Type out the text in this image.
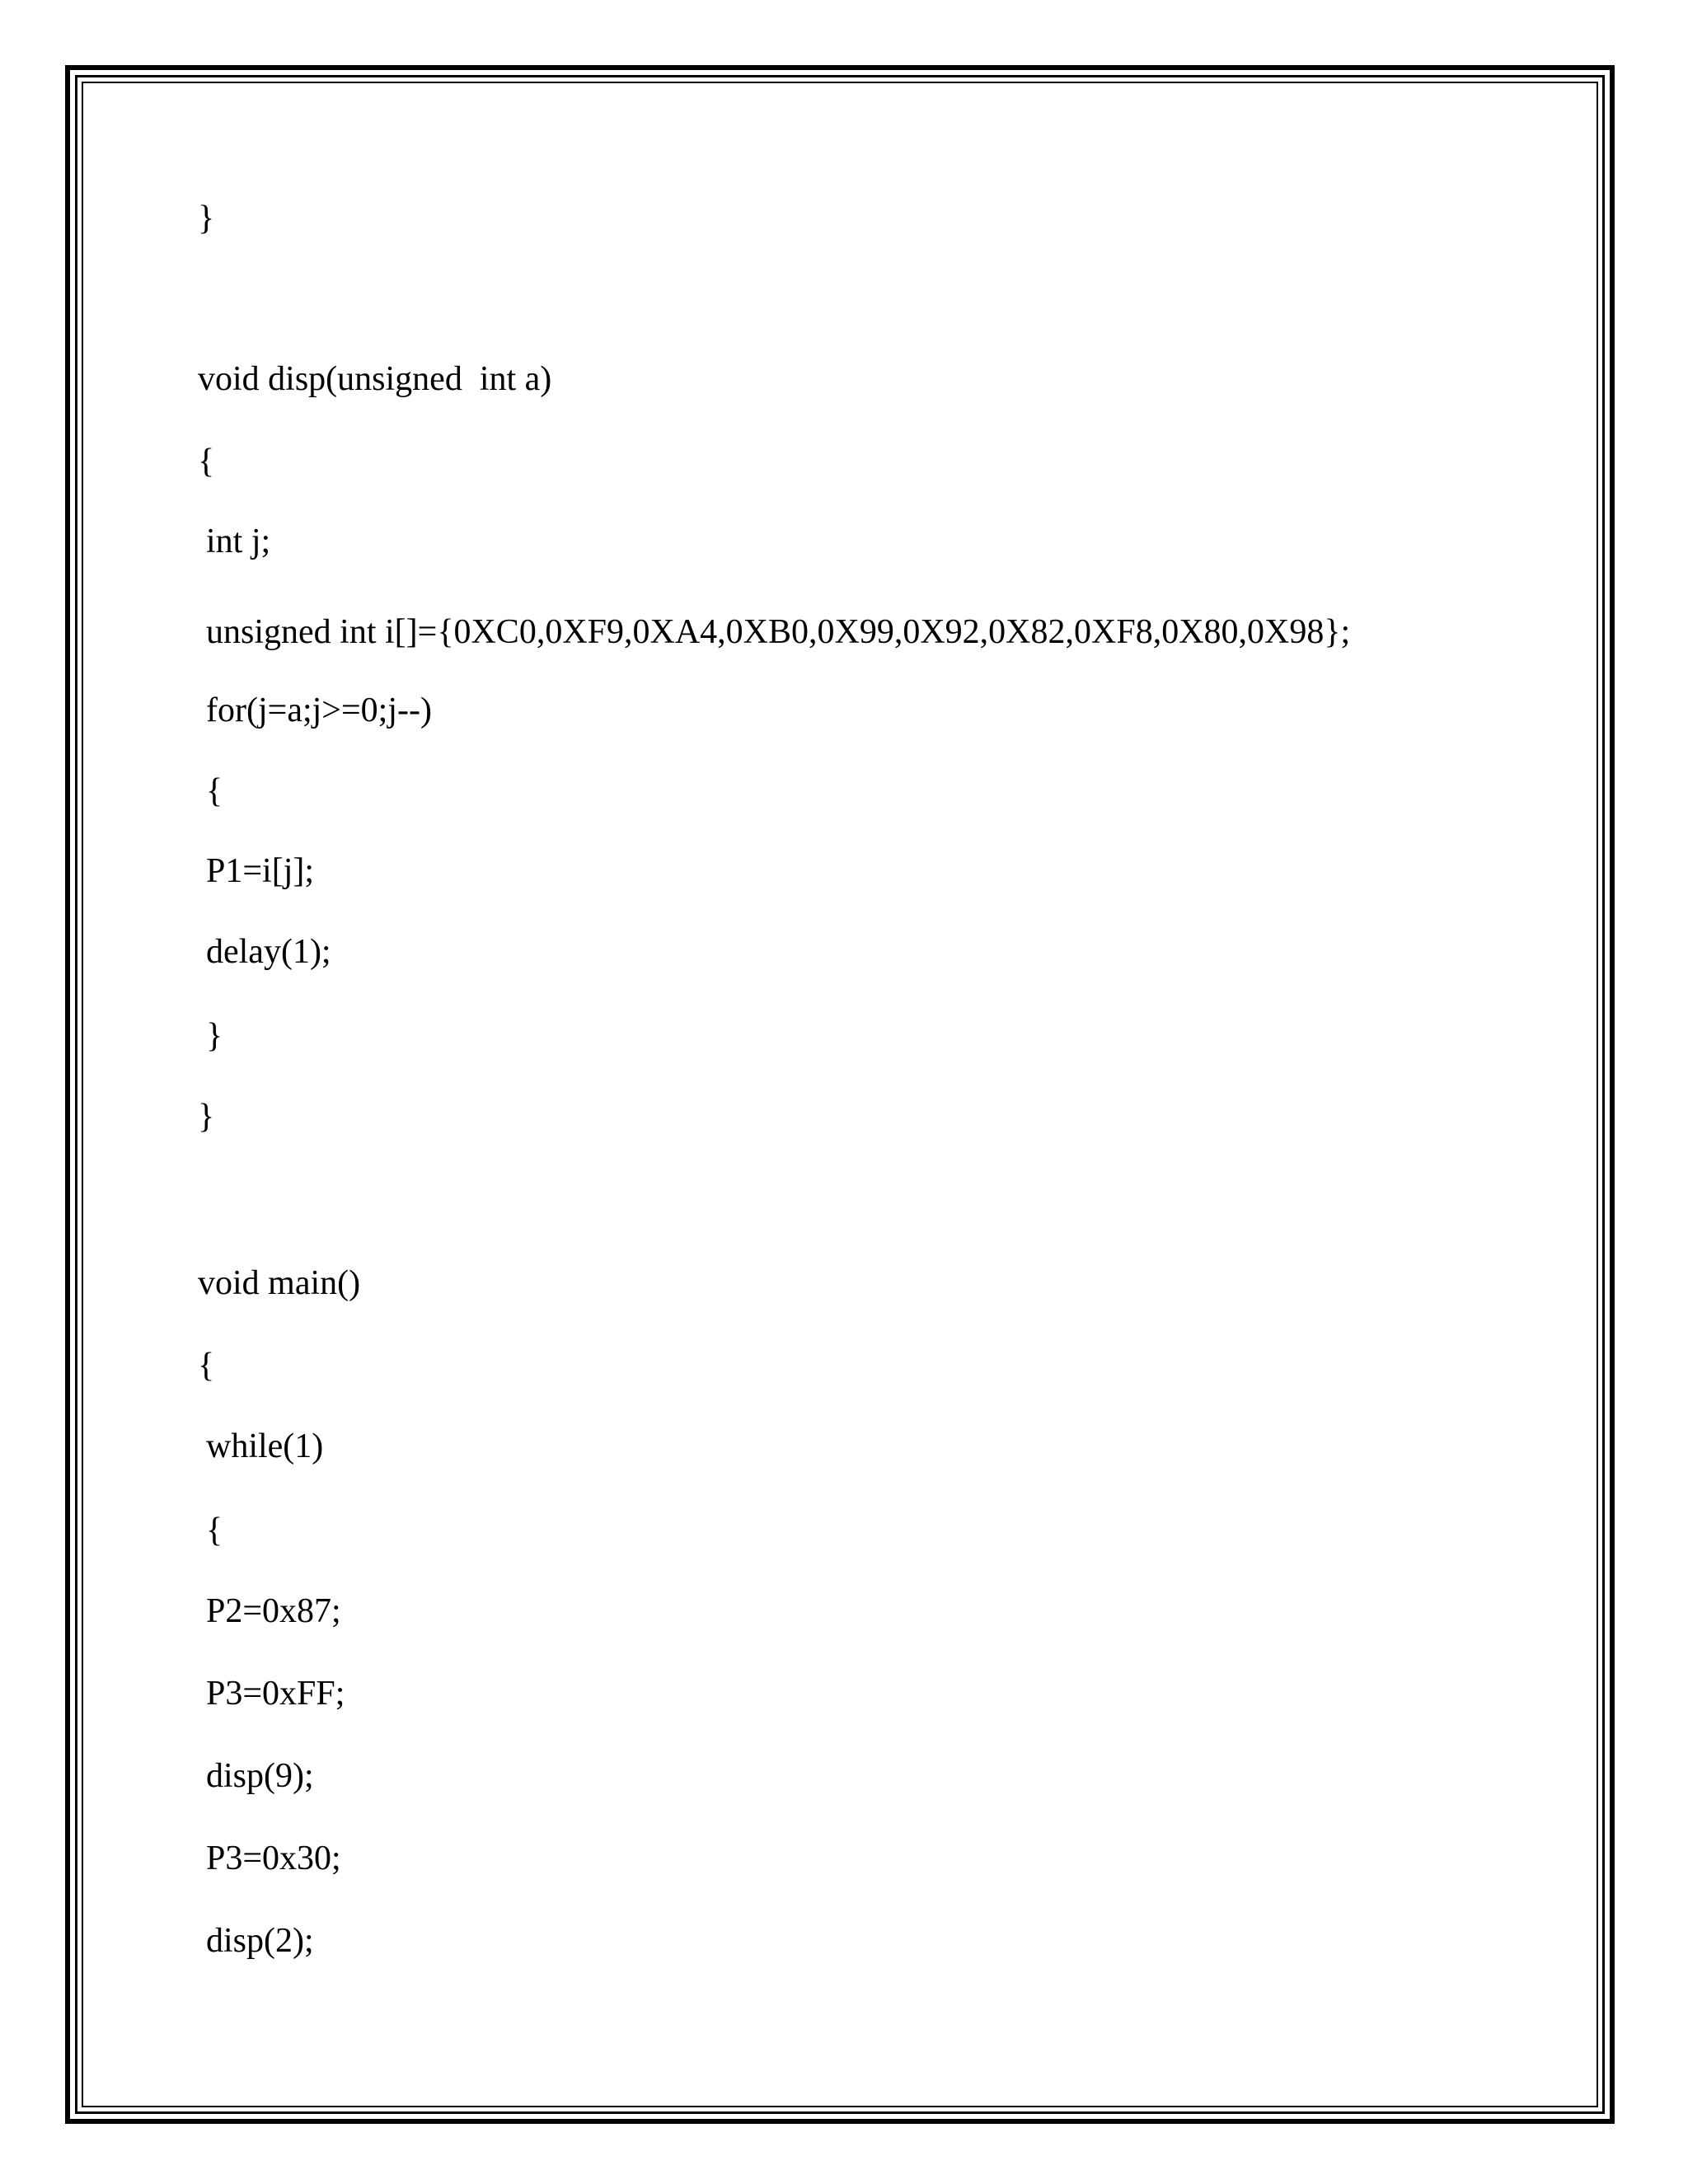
}

void disp(unsigned  int a)

{

int j;

unsigned int i[]={0XC0,0XF9,0XA4,0XB0,0X99,0X92,0X82,0XF8,0X80,0X98};

for(j=a;j>=0;j--)

{

P1=i[j];

delay(1);

}

}

void main()

{

while(1)

{

P2=0x87;

P3=0xFF;

disp(9);

P3=0x30;

disp(2);
